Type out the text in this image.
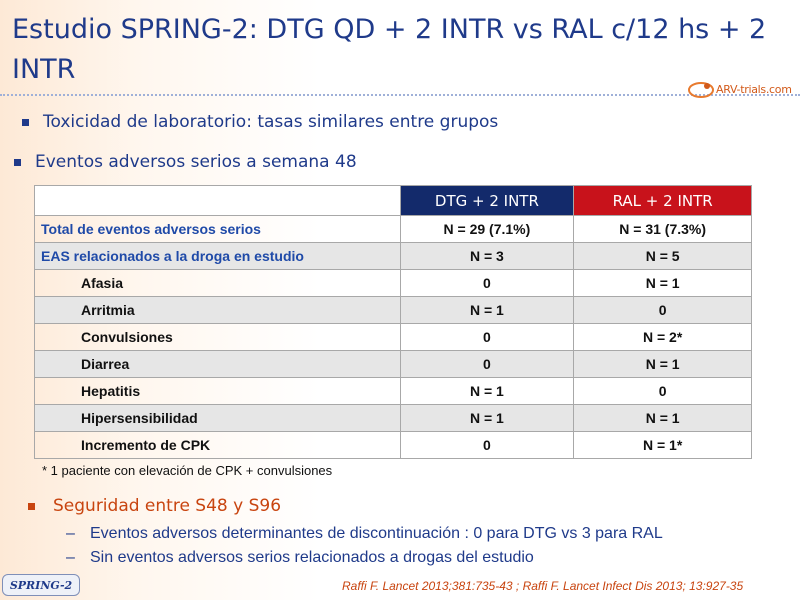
Estudio SPRING-2: DTG QD + 2 INTR vs RAL c/12 hs + 2 INTR
ARV-trials.com
Toxicidad de laboratorio: tasas similares entre grupos
Eventos adversos serios a semana 48
	DTG + 2 INTR	RAL + 2 INTR
Total de eventos adversos serios	N = 29 (7.1%)	N = 31 (7.3%)
EAS relacionados a la droga en estudio	N = 3	N = 5
Afasia	0	N = 1
Arritmia	N = 1	0
Convulsiones	0	N = 2*
Diarrea	0	N = 1
Hepatitis	N = 1	0
Hipersensibilidad	N = 1	N = 1
Incremento de CPK	0	N = 1*
* 1 paciente con elevación de CPK + convulsiones
Seguridad entre S48 y S96
– Eventos adversos determinantes de discontinuación : 0 para DTG vs 3 para RAL
– Sin eventos adversos serios relacionados a drogas del estudio
SPRING-2	Raffi F. Lancet 2013;381:735-43 ; Raffi F. Lancet Infect Dis 2013; 13:927-35
